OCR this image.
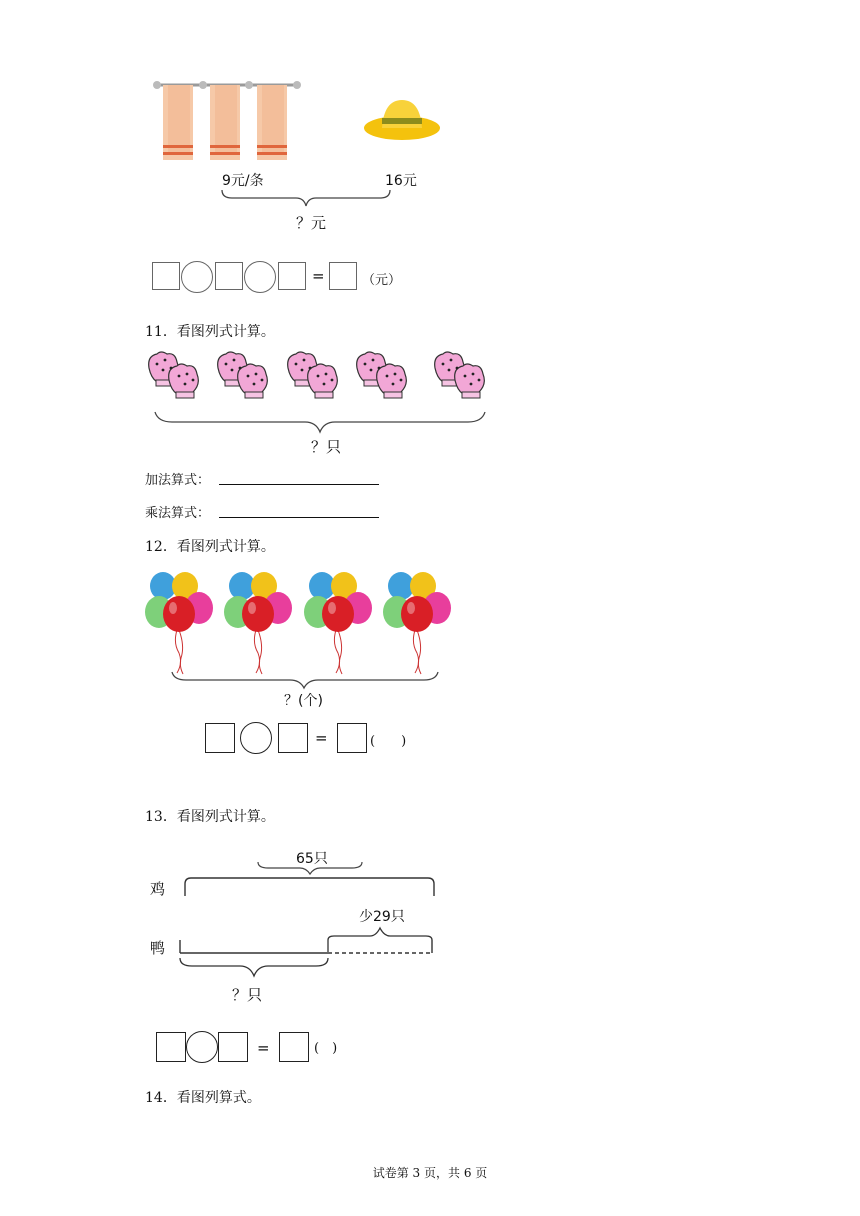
9元/条	16元
？元
=	（元）
11．看图列式计算。
？只
加法算式：
乘法算式：
12．看图列式计算。
？(个)
=	(　　)
13．看图列式计算。
65只
鸡
少29只
鸭
？只
=	(　)
14．看图列算式。
试卷第 3 页，共 6 页
